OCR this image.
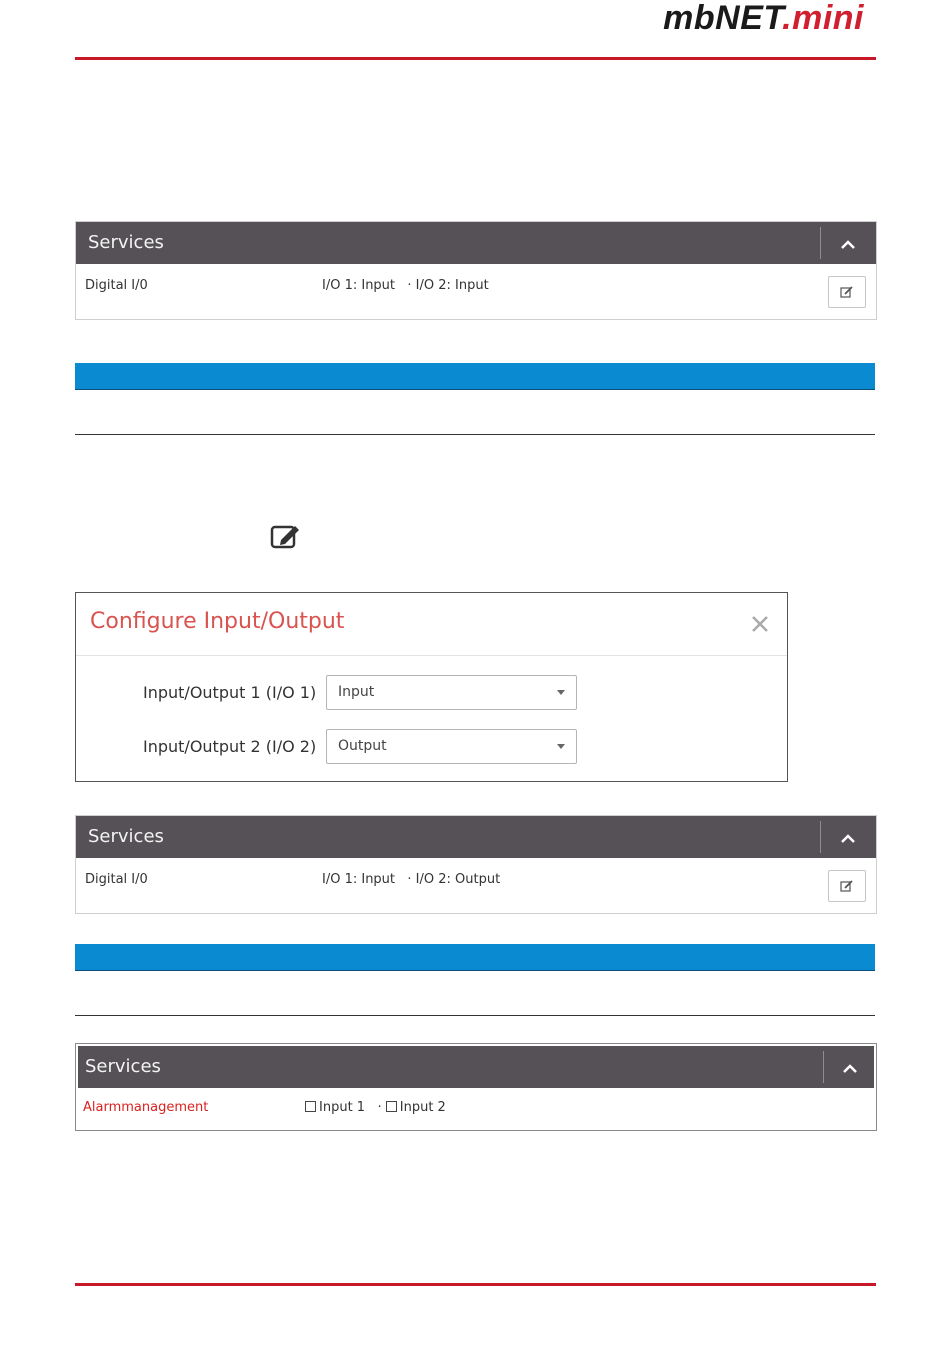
mbNET.mini
Services
Digital I/0	I/O 1: Input   · I/O 2: Input
Configure Input/Output
Input/Output 1 (I/O 1) Input
Input/Output 2 (I/O 2) Output
Services
Digital I/0	I/O 1: Input   · I/O 2: Output
Services
Alarmmanagement	Input 1 · Input 2
